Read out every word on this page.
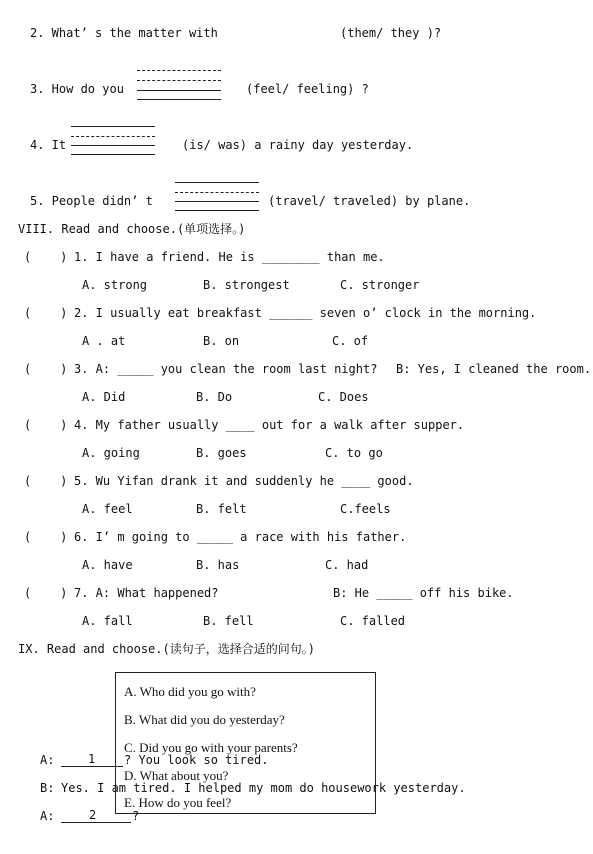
2. What’ s the matter with	(them/ they )?
3. How do you	(feel/ feeling) ?
4. It	(is/ was) a rainy day yesterday.
5. People didn’ t	(travel/ traveled) by plane.
VIII. Read and choose.(单项选择。)
(    ) 1. I have a friend. He is ________ than me.
A. strong	B. strongest	C. stronger
(    ) 2. I usually eat breakfast ______ seven o’ clock in the morning.
A . at	B. on	C. of
(    ) 3. A: _____ you clean the room last night? B: Yes, I cleaned the room.
A. Did	B. Do	C. Does
(    ) 4. My father usually ____ out for a walk after supper.
A. going	B. goes	C. to go
(    ) 5. Wu Yifan drank it and suddenly he ____ good.
A. feel	B. felt	C.feels
(    ) 6. I’ m going to _____ a race with his father.
A. have	B. has	C. had
(    ) 7. A: What happened?	B: He _____ off his bike.
A. fall	B. fell	C. falled
IX. Read and choose.(读句子，选择合适的问句。)
A. Who did you go with?
B. What did you do yesterday?
C. Did you go with your parents?
D. What about you?
E. How do you feel?
A:	1 ? You look so tired.
B: Yes. I am tired. I helped my mom do housework yesterday.
A:	2	?
